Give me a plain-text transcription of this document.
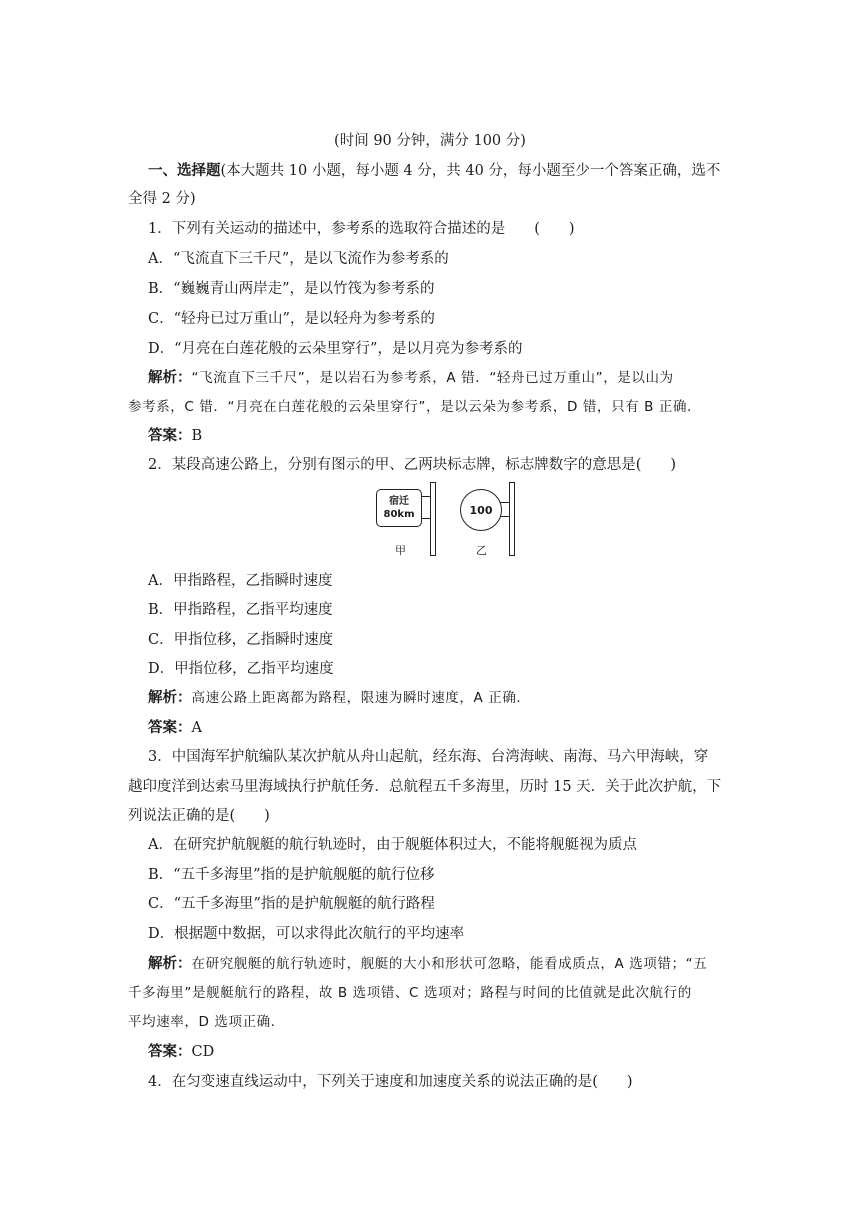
(时间 90 分钟，满分 100 分)
一、选择题(本大题共 10 小题，每小题 4 分，共 40 分，每小题至少一个答案正确，选不
全得 2 分)
1．下列有关运动的描述中，参考系的选取符合描述的是　　(　　)
A．“飞流直下三千尺”，是以飞流作为参考系的
B．“巍巍青山两岸走”，是以竹筏为参考系的
C．“轻舟已过万重山”，是以轻舟为参考系的
D．“月亮在白莲花般的云朵里穿行”，是以月亮为参考系的
解析：“飞流直下三千尺”，是以岩石为参考系，A 错．“轻舟已过万重山”，是以山为
参考系，C 错．“月亮在白莲花般的云朵里穿行”，是以云朵为参考系，D 错，只有 B 正确．
答案：B
2．某段高速公路上，分别有图示的甲、乙两块标志牌，标志牌数字的意思是(　　)
宿迁
80km
甲
100
乙
A．甲指路程，乙指瞬时速度
B．甲指路程，乙指平均速度
C．甲指位移，乙指瞬时速度
D．甲指位移，乙指平均速度
解析：高速公路上距离都为路程，限速为瞬时速度，A 正确．
答案：A
3．中国海军护航编队某次护航从舟山起航，经东海、台湾海峡、南海、马六甲海峡，穿
越印度洋到达索马里海域执行护航任务．总航程五千多海里，历时 15 天．关于此次护航，下
列说法正确的是(　　)
A．在研究护航舰艇的航行轨迹时，由于舰艇体积过大，不能将舰艇视为质点
B．“五千多海里”指的是护航舰艇的航行位移
C．“五千多海里”指的是护航舰艇的航行路程
D．根据题中数据，可以求得此次航行的平均速率
解析：在研究舰艇的航行轨迹时，舰艇的大小和形状可忽略，能看成质点，A 选项错；“五
千多海里”是舰艇航行的路程，故 B 选项错、C 选项对；路程与时间的比值就是此次航行的
平均速率，D 选项正确．
答案：CD
4．在匀变速直线运动中，下列关于速度和加速度关系的说法正确的是(　　)
